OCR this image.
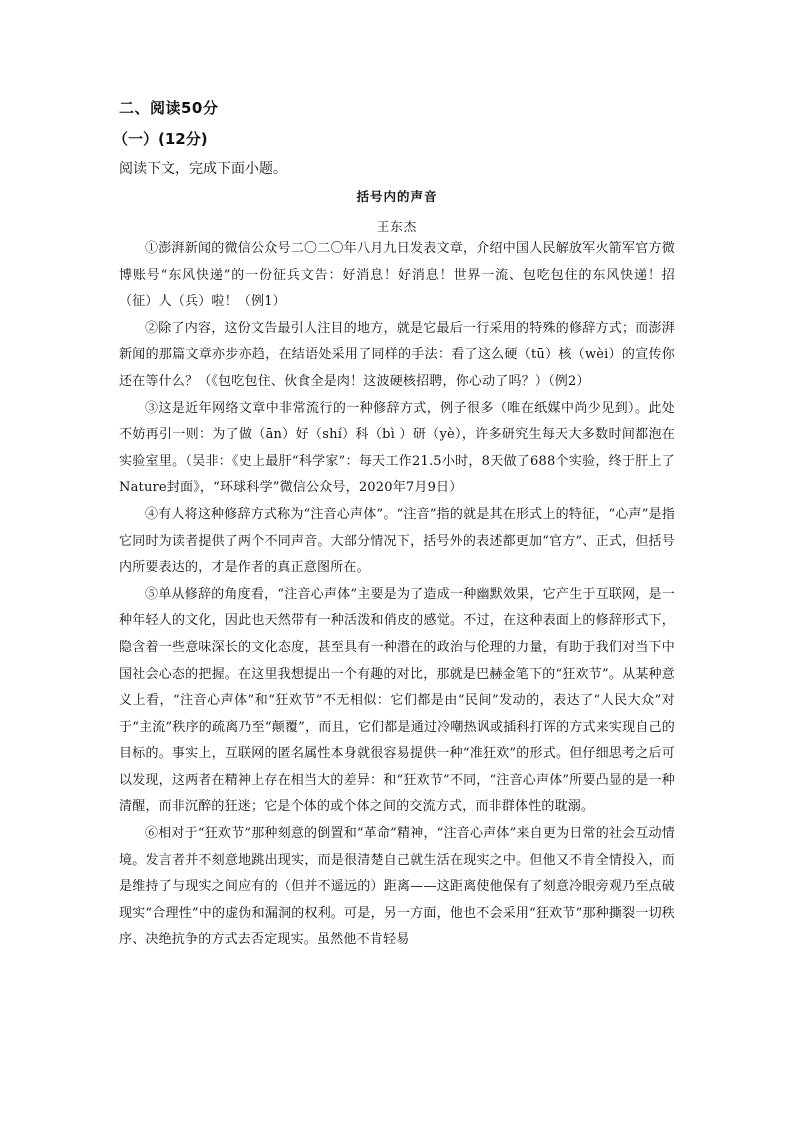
二、阅读50分
（一）(12分)
阅读下文，完成下面小题。
括号内的声音
王东杰

①澎湃新闻的微信公众号二〇二〇年八月九日发表文章，介绍中国人民解放军火箭军官方微博账号“东风快递”的一份征兵文告：好消息！好消息！世界一流、包吃包住的东风快递！招（征）人（兵）啦！（例1）

②除了内容，这份文告最引人注目的地方，就是它最后一行采用的特殊的修辞方式；而澎湃新闻的那篇文章亦步亦趋，在结语处采用了同样的手法：看了这么硬（tū）核（wèi）的宣传你还在等什么？（《包吃包住、伙食全是肉！这波硬核招聘，你心动了吗？）（例2）

③这是近年网络文章中非常流行的一种修辞方式，例子很多（唯在纸媒中尚少见到）。此处不妨再引一则：为了做（ān）好（shí）科（bì ）研（yè），许多研究生每天大多数时间都泡在实验室里。（吴非：《史上最肝“科学家”：每天工作21.5小时，8天做了688个实验，终于肝上了Nature封面》，“环球科学”微信公众号，2020年7月9日）

④有人将这种修辞方式称为“注音心声体”。“注音”指的就是其在形式上的特征，“心声”是指它同时为读者提供了两个不同声音。大部分情况下，括号外的表述都更加“官方”、正式，但括号内所要表达的，才是作者的真正意图所在。

⑤单从修辞的角度看，“注音心声体”主要是为了造成一种幽默效果，它产生于互联网，是一种年轻人的文化，因此也天然带有一种活泼和俏皮的感觉。不过，在这种表面上的修辞形式下，隐含着一些意味深长的文化态度，甚至具有一种潜在的政治与伦理的力量，有助于我们对当下中国社会心态的把握。在这里我想提出一个有趣的对比，那就是巴赫金笔下的“狂欢节”。从某种意义上看，“注音心声体”和“狂欢节”不无相似：它们都是由“民间”发动的，表达了“人民大众”对于“主流”秩序的疏离乃至“颠覆”，而且，它们都是通过冷嘲热讽或插科打诨的方式来实现自己的目标的。事实上，互联网的匿名属性本身就很容易提供一种“准狂欢”的形式。但仔细思考之后可以发现，这两者在精神上存在相当大的差异：和“狂欢节”不同，“注音心声体”所要凸显的是一种清醒，而非沉醉的狂迷；它是个体的或个体之间的交流方式，而非群体性的耽溺。

⑥相对于“狂欢节”那种刻意的倒置和“革命”精神，“注音心声体”来自更为日常的社会互动情境。发言者并不刻意地跳出现实，而是很清楚自己就生活在现实之中。但他又不肯全情投入，而是维持了与现实之间应有的（但并不遥远的）距离——这距离使他保有了刻意冷眼旁观乃至点破现实“合理性”中的虚伪和漏洞的权利。可是，另一方面，他也不会采用“狂欢节”那种撕裂一切秩序、决绝抗争的方式去否定现实。虽然他不肯轻易
